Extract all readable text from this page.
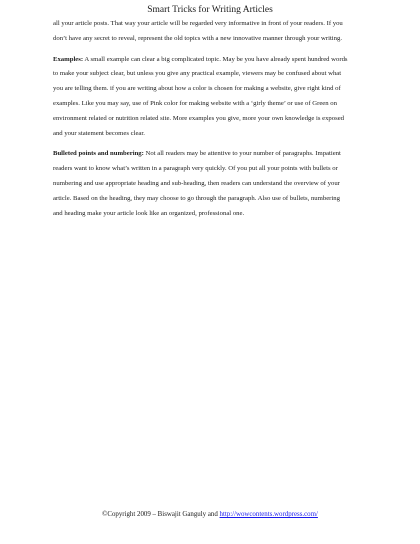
Smart Tricks for Writing Articles

all your article posts. That way your article will be regarded very informative in front of your readers. If you
don’t have any secret to reveal, represent the old topics with a new innovative manner through your writing.

Examples: A small example can clear a big complicated topic. May be you have already spent hundred words
to make your subject clear, but unless you give any practical example, viewers may be confused about what
you are telling them. if you are writing about how a color is chosen for making a website, give right kind of
examples. Like you may say, use of Pink color for making website with a ‘girly theme’ or use of Green on
environment related or nutrition related site. More examples you give, more your own knowledge is exposed
and your statement becomes clear.

Bulleted points and numbering: Not all readers may be attentive to your number of paragraphs. Impatient
readers want to know what’s written in a paragraph very quickly. Of you put all your points with bullets or
numbering and use appropriate heading and sub-heading, then readers can understand the overview of your
article. Based on the heading, they may choose to go through the paragraph. Also use of bullets, numbering
and heading make your article look like an organized, professional one.

©Copyright 2009 – Biswajit Ganguly and http://wowcontents.wordpress.com/
